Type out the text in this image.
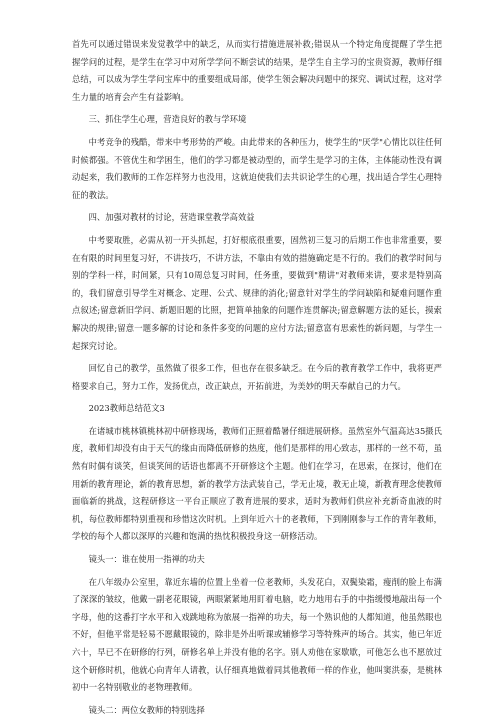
首先可以通过错误来发觉教学中的缺乏，从而实行措施进展补救;错误从一个特定角度提醒了学生把握学问的过程，是学生在学习中对所学学问不断尝试的结果，是学生自主学习的宝贵资源，教师仔细总结，可以成为学生学问宝库中的重要组成局部，使学生领会解决问题中的探究、调试过程，这对学生力量的培育会产生有益影响。

三、抓住学生心理，营造良好的教与学环境

中考竞争的残酷，带来中考形势的严峻。由此带来的各种压力，使学生的"厌学"心情比以往任何时候都强。不管优生和学困生，他们的学习都是被动型的，而学生是学习的主体，主体能动性没有调动起来，我们教师的工作怎样努力也没用，这就迫使我们去共识论学生的心理，找出适合学生心理特征的教法。

四、加强对教材的讨论，营造课堂教学高效益

中考要取胜，必需从初一开头抓起，打好根底很重要，固然初三复习的后期工作也非常重要，要在有限的时间里复习好，不讲技巧，不讲方法，不靠由有效的措施确定是不行的。我们的教学时间与别的学科一样，时间紧，只有10周总复习时间，任务重，要做到"精讲"对教师来讲，要求是特别高的，我们留意引导学生对概念、定理、公式、规律的消化;留意针对学生的学问缺陷和疑难问题作重点叙述;留意新旧学问、新题旧题的比照，把简单抽象的问题作连贯解决;留意解题方法的延长，摸索解决的规律;留意一题多解的讨论和条件多变的问题的应付方法;留意富有思索性的新问题，与学生一起探究讨论。

回忆自己的教学，虽然做了很多工作，但也存在很多缺乏。在今后的教育教学工作中，我将更严格要求自己，努力工作，发扬优点，改正缺点，开拓前进，为美妙的明天奉献自己的力气。

2023教师总结范文3

在诸城市桃林镇桃林初中研修现场，教师们正照着酷暑仔细进展研修。虽然室外气温高达35摄氏度，教师们却没有由于天气的缘由而降低研修的热度，他们是那样的用心致志，那样的一丝不苟，虽然有时偶有谈笑，但谈笑间的话语也都离不开研修这个主题。他们在学习，在思索，在探讨，他们在用新的教育理论，新的教育思想，新的教学方法武装自己，学无止境，教无止境，新教育理念使教师面临新的挑战，这程研修这一平台正顺应了教育进展的要求，适时为教师们供应补充新奇血液的时机，每位教师都特别重视和珍惜这次时机。上到年近六十的老教师，下到刚刚参与工作的青年教师，学校的每个人都以深厚的兴趣和饱满的热忱积极投身这一研修活动。

镜头一：谁在使用一指禅的功夫

在八年级办公室里，靠近东墙的位置上坐着一位老教师，头发花白，双鬓染霜，瘦削的脸上布满了深深的皱纹，他戴一副老花眼镜，两眼紧紧地用盯着电脑，吃力地用右手的中指缓慢地敲出每一个字母，他的这番打字水平和入戏跳地称为旅展一指禅的功夫，每一个熟识他的人都知道，他虽然眼也不好，但他平常是轻易不愿戴眼镜的，除非是外出听课或辅修学习等特殊声的场合。其实，他已年近六十，早已不在研修的行列，研修名单上并没有他的名字。别人劝他在家歇歇，可他怎么也不愿放过这个研修时机，他就心向青年人请教，认仔细真地做着同其他教师一样的作业，他叫窦洪泰，是桃林初中一名特别敬业的老物理教师。

镜头二：两位女教师的特别选择
